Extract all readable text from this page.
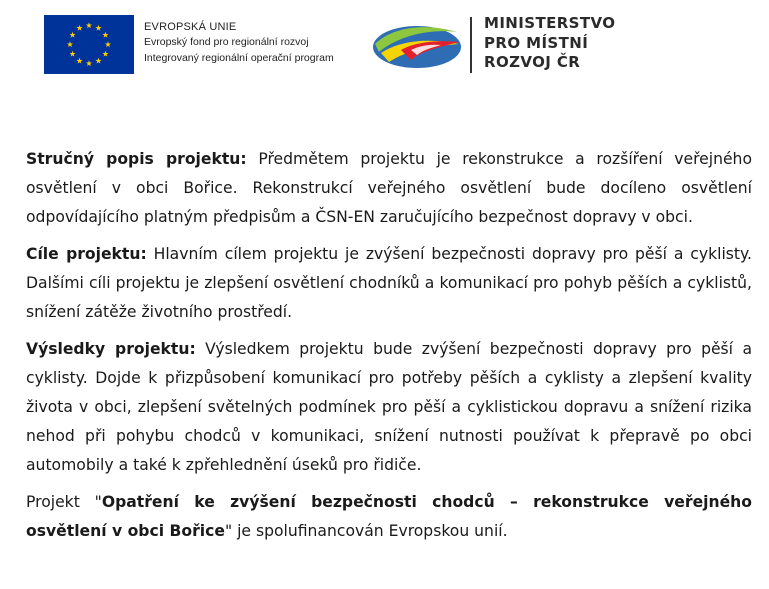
EVROPSKÁ UNIE
Evropský fond pro regionální rozvoj
Integrovaný regionální operační program
MINISTERSTVO
PRO MÍSTNÍ
ROZVOJ ČR

Stručný popis projektu: Předmětem projektu je rekonstrukce a rozšíření veřejného osvětlení v obci Bořice. Rekonstrukcí veřejného osvětlení bude docíleno osvětlení odpovídajícího platným předpisům a ČSN-EN zaručujícího bezpečnost dopravy v obci.

Cíle projektu: Hlavním cílem projektu je zvýšení bezpečnosti dopravy pro pěší a cyklisty. Dalšími cíli projektu je zlepšení osvětlení chodníků a komunikací pro pohyb pěších a cyklistů, snížení zátěže životního prostředí.

Výsledky projektu: Výsledkem projektu bude zvýšení bezpečnosti dopravy pro pěší a cyklisty. Dojde k přizpůsobení komunikací pro potřeby pěších a cyklisty a zlepšení kvality života v obci, zlepšení světelných podmínek pro pěší a cyklistickou dopravu a snížení rizika nehod při pohybu chodců v komunikaci, snížení nutnosti používat k přepravě po obci automobily a také k zpřehlednění úseků pro řidiče.

Projekt "Opatření ke zvýšení bezpečnosti chodců – rekonstrukce veřejného osvětlení v obci Bořice" je spolufinancován Evropskou unií.
